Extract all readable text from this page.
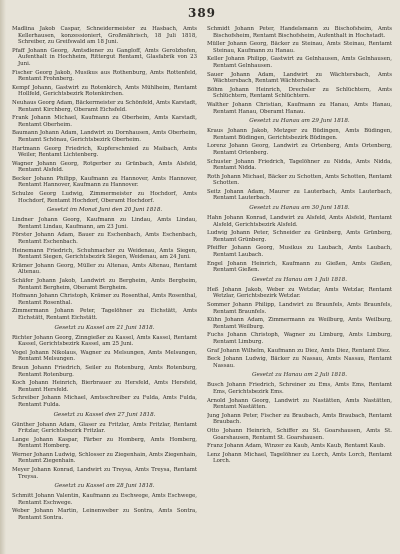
389

Madlina Jakob Caspar, Schneidermeister zu Hasbach, Amts Kellerhausen, konzessioniert, Großmährisch, 18 Juli 1818, Schreiber, zu Greifswald am 18 Juni.

Pfaff Johann Georg, Amtsdiener zu Gangloff, Amts Gerolzhofen, Aufenthalt in Hochheim, Rittergut Rentamt, Glasfabrik von 23 Juni.

Fischer Georg Jakob, Musikus aus Rothenburg, Amts Rottenfeld, Rentamt Frohnberg.

Kempf Johann, Gastwirt zu Rotenkirch, Amts Mühlheim, Rentamt Hollfeld, Gerichtsbezirk Rotenkirchen.

Neuhaus Georg Adam, Bäckermeister zu Schönfeld, Amts Karstadt, Rentamt Kirchberg, Oberamt Eichsfeld.

Frank Johann Michael, Kaufmann zu Oberheim, Amts Karstadt, Rentamt Oberheim.

Baumann Johann Adam, Landwirt zu Dornhausen, Amts Oberheim, Rentamt Schönau, Gerichtsbezirk Oberheim.

Hartmann Georg Friedrich, Kupferschmied zu Maibach, Amts Weiler, Rentamt Lichtenberg.

Wagner Johann Georg, Rotgerber zu Grünbach, Amts Alsfeld, Rentamt Alsfeld.

Becker Johann Philipp, Kaufmann zu Hannover, Amts Hannover, Rentamt Hannover, Kaufmann zu Hannover.

Schulze Georg Ludwig, Zimmermeister zu Hochdorf, Amts Hochdorf, Rentamt Hochdorf, Oberamt Hochdorf.

Gesetzt im Monat Juni den 20 Juni 1818.

Lindner Johann Georg, Kaufmann zu Lindau, Amts Lindau, Rentamt Lindau, Kaufmann, am 23 Juni.

Förster Johann Adam, Bauer zu Eschenbach, Amts Eschenbach, Rentamt Eschenbach.

Heinemann Friedrich, Schuhmacher zu Weidenau, Amts Siegen, Rentamt Siegen, Gerichtsbezirk Siegen, Weidenau, am 24 Juni.

Krämer Johann Georg, Müller zu Altenau, Amts Altenau, Rentamt Altenau.

Schäfer Johann Jakob, Landwirt zu Bergheim, Amts Bergheim, Rentamt Bergheim, Oberamt Bergheim.

Hofmann Johann Christoph, Krämer zu Rosenthal, Amts Rosenthal, Rentamt Rosenthal.

Zimmermann Johann Peter, Tagelöhner zu Eichstätt, Amts Eichstätt, Rentamt Eichstätt.

Gesetzt zu Kassel am 21 Juni 1818.

Richter Johann Georg, Zinngießer zu Kassel, Amts Kassel, Rentamt Kassel, Gerichtsbezirk Kassel, am 25 Juni.

Vogel Johann Nikolaus, Wagner zu Melsungen, Amts Melsungen, Rentamt Melsungen.

Braun Johann Friedrich, Seiler zu Rotenburg, Amts Rotenburg, Rentamt Rotenburg.

Koch Johann Heinrich, Bierbrauer zu Hersfeld, Amts Hersfeld, Rentamt Hersfeld.

Schreiber Johann Michael, Amtsschreiber zu Fulda, Amts Fulda, Rentamt Fulda.

Gesetzt zu Kassel den 27 Juni 1818.

Günther Johann Adam, Glaser zu Fritzlar, Amts Fritzlar, Rentamt Fritzlar, Gerichtsbezirk Fritzlar.

Lange Johann Kaspar, Färber zu Homberg, Amts Homberg, Rentamt Homberg.

Werner Johann Ludwig, Schlosser zu Ziegenhain, Amts Ziegenhain, Rentamt Ziegenhain.

Meyer Johann Konrad, Landwirt zu Treysa, Amts Treysa, Rentamt Treysa.

Gesetzt zu Kassel am 28 Juni 1818.

Schmitt Johann Valentin, Kaufmann zu Eschwege, Amts Eschwege, Rentamt Eschwege.

Weber Johann Martin, Leinenweber zu Sontra, Amts Sontra, Rentamt Sontra.

Schmidt Johann Peter, Handelsmann zu Bischofsheim, Amts Bischofsheim, Rentamt Bischofsheim, Aufenthalt in Hochstadt.

Müller Johann Georg, Bäcker zu Steinau, Amts Steinau, Rentamt Steinau, Kaufmann zu Hanau.

Keller Johann Philipp, Gastwirt zu Gelnhausen, Amts Gelnhausen, Rentamt Gelnhausen.

Sauer Johann Adam, Landwirt zu Wächtersbach, Amts Wächtersbach, Rentamt Wächtersbach.

Böhm Johann Heinrich, Drechsler zu Schlüchtern, Amts Schlüchtern, Rentamt Schlüchtern.

Walther Johann Christian, Kaufmann zu Hanau, Amts Hanau, Rentamt Hanau, Oberamt Hanau.

Gesetzt zu Hanau am 29 Juni 1818.

Kraus Johann Jakob, Metzger zu Büdingen, Amts Büdingen, Rentamt Büdingen, Gerichtsbezirk Büdingen.

Lorenz Johann Georg, Landwirt zu Ortenberg, Amts Ortenberg, Rentamt Ortenberg.

Schuster Johann Friedrich, Tagelöhner zu Nidda, Amts Nidda, Rentamt Nidda.

Roth Johann Michael, Bäcker zu Schotten, Amts Schotten, Rentamt Schotten.

Seitz Johann Adam, Maurer zu Lauterbach, Amts Lauterbach, Rentamt Lauterbach.

Gesetzt zu Hanau am 30 Juni 1818.

Hahn Johann Konrad, Landwirt zu Alsfeld, Amts Alsfeld, Rentamt Alsfeld, Gerichtsbezirk Alsfeld.

Ludwig Johann Peter, Schneider zu Grünberg, Amts Grünberg, Rentamt Grünberg.

Pfeiffer Johann Georg, Musikus zu Laubach, Amts Laubach, Rentamt Laubach.

Engel Johann Heinrich, Kaufmann zu Gießen, Amts Gießen, Rentamt Gießen.

Gesetzt zu Hanau am 1 Juli 1818.

Heß Johann Jakob, Weber zu Wetzlar, Amts Wetzlar, Rentamt Wetzlar, Gerichtsbezirk Wetzlar.

Sommer Johann Philipp, Landwirt zu Braunfels, Amts Braunfels, Rentamt Braunfels.

Kühn Johann Adam, Zimmermann zu Weilburg, Amts Weilburg, Rentamt Weilburg.

Fuchs Johann Christoph, Wagner zu Limburg, Amts Limburg, Rentamt Limburg.

Graf Johann Wilhelm, Kaufmann zu Diez, Amts Diez, Rentamt Diez.

Beck Johann Ludwig, Bäcker zu Nassau, Amts Nassau, Rentamt Nassau.

Gesetzt zu Hanau am 2 Juli 1818.

Busch Johann Friedrich, Schreiner zu Ems, Amts Ems, Rentamt Ems, Gerichtsbezirk Ems.

Arnold Johann Georg, Landwirt zu Nastätten, Amts Nastätten, Rentamt Nastätten.

Jung Johann Peter, Fischer zu Braubach, Amts Braubach, Rentamt Braubach.

Otto Johann Heinrich, Schiffer zu St. Goarshausen, Amts St. Goarshausen, Rentamt St. Goarshausen.

Franz Johann Adam, Winzer zu Kaub, Amts Kaub, Rentamt Kaub.

Lenz Johann Michael, Tagelöhner zu Lorch, Amts Lorch, Rentamt Lorch.
